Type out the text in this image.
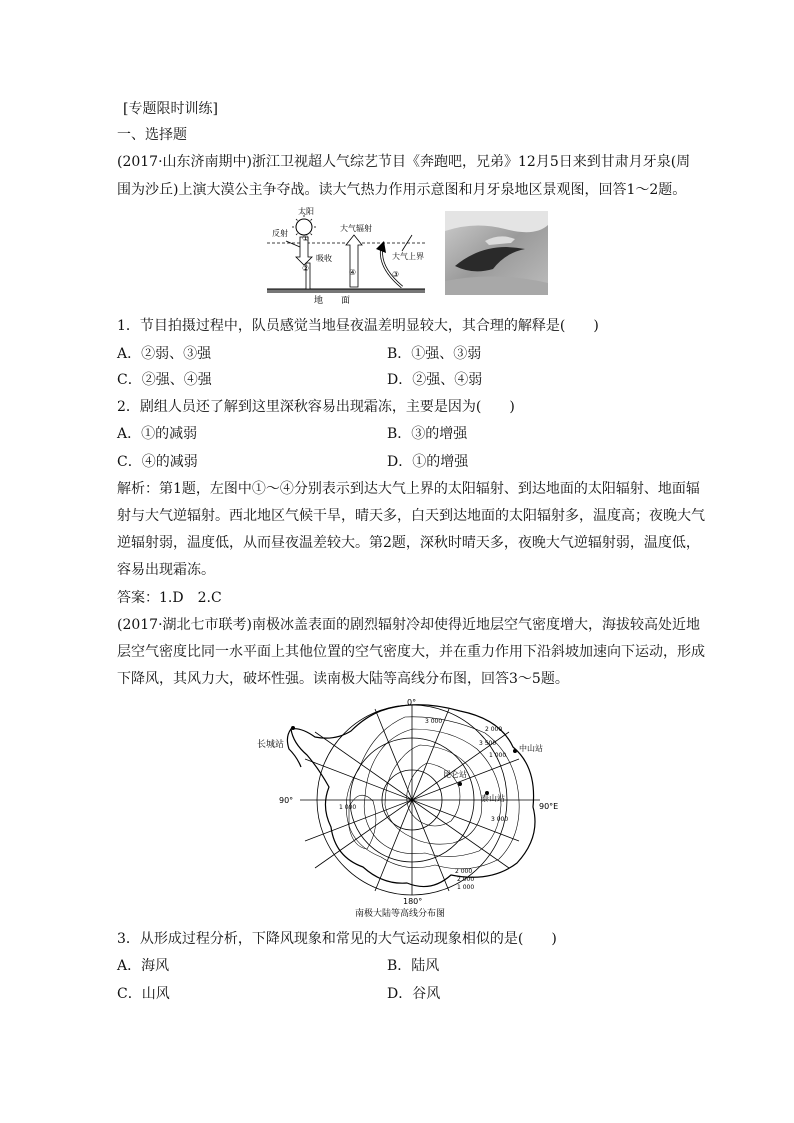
[专题限时训练]
一、选择题
(2017·山东济南期中)浙江卫视超人气综艺节目《奔跑吧，兄弟》12月5日来到甘肃月牙泉(周
围为沙丘)上演大漠公主争夺战。读大气热力作用示意图和月牙泉地区景观图，回答1～2题。
太阳
反射
吸收
大气辐射
大气上界
地　　面
①
②	④	③
1．节目拍摄过程中，队员感觉当地昼夜温差明显较大，其合理的解释是(　　)
A．②弱、③强	B．①强、③弱
C．②强、④强	D．②强、④弱
2．剧组人员还了解到这里深秋容易出现霜冻，主要是因为(　　)
A．①的减弱	B．③的增强
C．④的减弱	D．①的增强
解析：第1题，左图中①～④分别表示到达大气上界的太阳辐射、到达地面的太阳辐射、地面辐
射与大气逆辐射。西北地区气候干旱，晴天多，白天到达地面的太阳辐射多，温度高；夜晚大气
逆辐射弱，温度低，从而昼夜温差较大。第2题，深秋时晴天多，夜晚大气逆辐射弱，温度低，
容易出现霜冻。
答案：1.D　2.C
(2017·湖北七市联考)南极冰盖表面的剧烈辐射冷却使得近地层空气密度增大，海拔较高处近地
层空气密度比同一水平面上其他位置的空气密度大，并在重力作用下沿斜坡加速向下运动，形成
下降风，其风力大，破坏性强。读南极大陆等高线分布图，回答3～5题。
长城站	中山站
昆仑站
泰山站
0°
90°
90°E
180°
3 000
2 000
3 500
1 000
1 000
3 000
2 000
2 000
1 000
南极大陆等高线分布图
3．从形成过程分析，下降风现象和常见的大气运动现象相似的是(　　)
A．海风	B．陆风
C．山风	D．谷风
